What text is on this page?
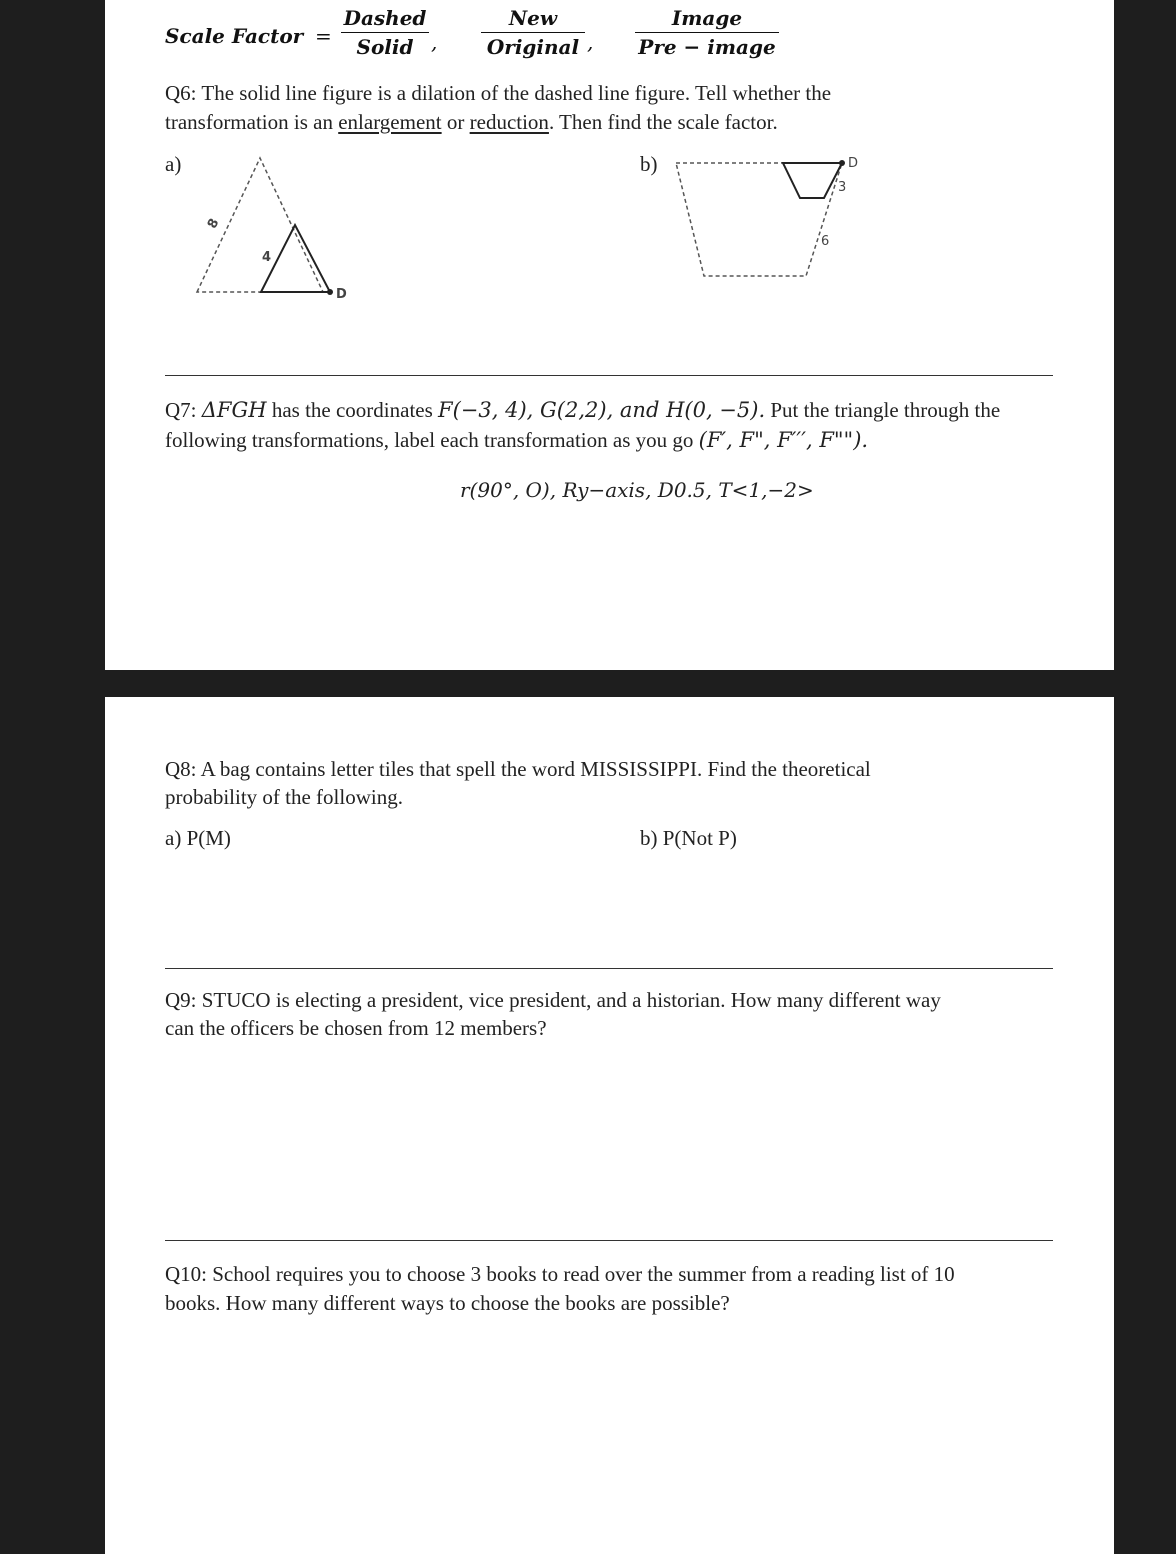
Scale Factor =
Dashed
Solid ,
New
Original ,
Image
Pre − image

Q6: The solid line figure is a dilation of the dashed line figure. Tell whether the

transformation is an enlargement or reduction. Then find the scale factor.

a)	b)
8
4
D
D
3
6

Q7: ΔFGH has the coordinates F(−3, 4), G(2,2), and H(0, −5). Put the triangle through the

following transformations, label each transformation as you go (F′, F", F′′′, F"").

r(90°, O), Ry−axis, D0.5, T<1,−2>

Q8: A bag contains letter tiles that spell the word MISSISSIPPI. Find the theoretical

probability of the following.

a) P(M)	b) P(Not P)

Q9: STUCO is electing a president, vice president, and a historian. How many different way

can the officers be chosen from 12 members?

Q10: School requires you to choose 3 books to read over the summer from a reading list of 10

books. How many different ways to choose the books are possible?
